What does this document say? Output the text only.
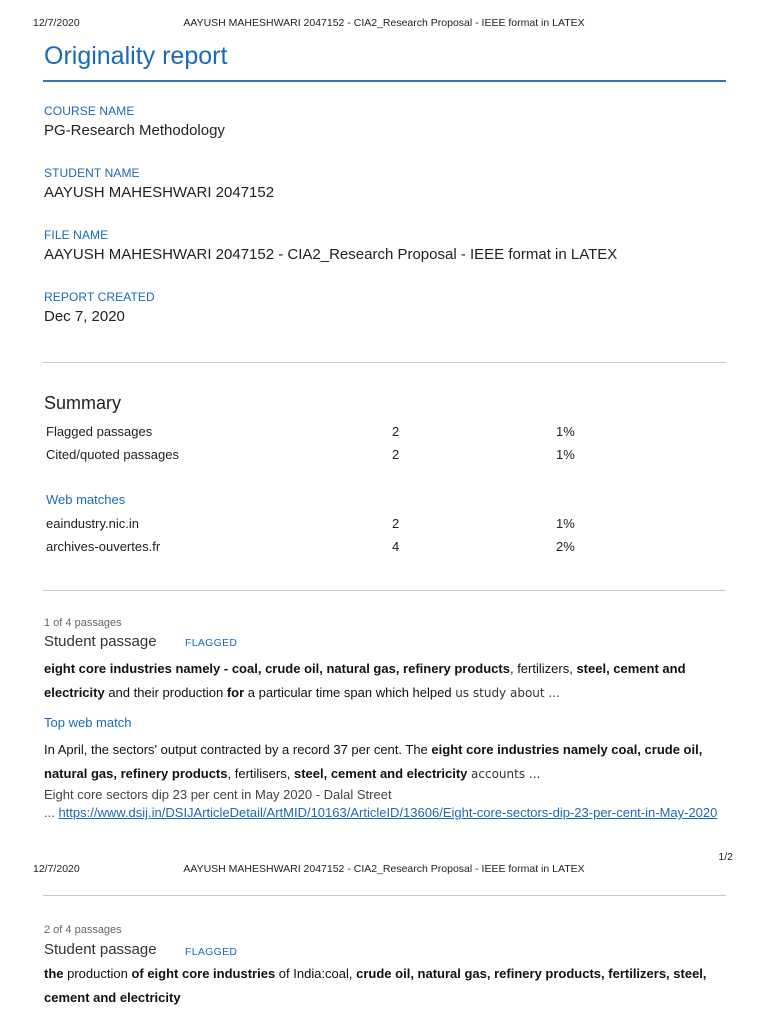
12/7/2020	AAYUSH MAHESHWARI 2047152 - CIA2_Research Proposal - IEEE format in LATEX
Originality report
COURSE NAME
PG-Research Methodology
STUDENT NAME
AAYUSH MAHESHWARI 2047152
FILE NAME
AAYUSH MAHESHWARI 2047152 - CIA2_Research Proposal - IEEE format in LATEX
REPORT CREATED
Dec 7, 2020
Summary
Flagged passages	2	1%
Cited/quoted passages	2	1%
Web matches
eaindustry.nic.in	2	1%
archives-ouvertes.fr	4	2%
1 of 4 passages
Student passage	FLAGGED
eight core industries namely - coal, crude oil, natural gas, refinery products, fertilizers, steel, cement and electricity and their production for a particular time span which helped us study about ...
Top web match
In April, the sectors' output contracted by a record 37 per cent. The eight core industries namely coal, crude oil, natural gas, refinery products, fertilisers, steel, cement and electricity accounts ...
Eight core sectors dip 23 per cent in May 2020 - Dalal Street
... https://www.dsij.in/DSIJArticleDetail/ArtMID/10163/ArticleID/13606/Eight-core-sectors-dip-23-per-cent-in-May-2020
1/2
12/7/2020	AAYUSH MAHESHWARI 2047152 - CIA2_Research Proposal - IEEE format in LATEX
2 of 4 passages
Student passage	FLAGGED
the production of eight core industries of India:coal, crude oil, natural gas, refinery products, fertilizers, steel, cement and electricity
